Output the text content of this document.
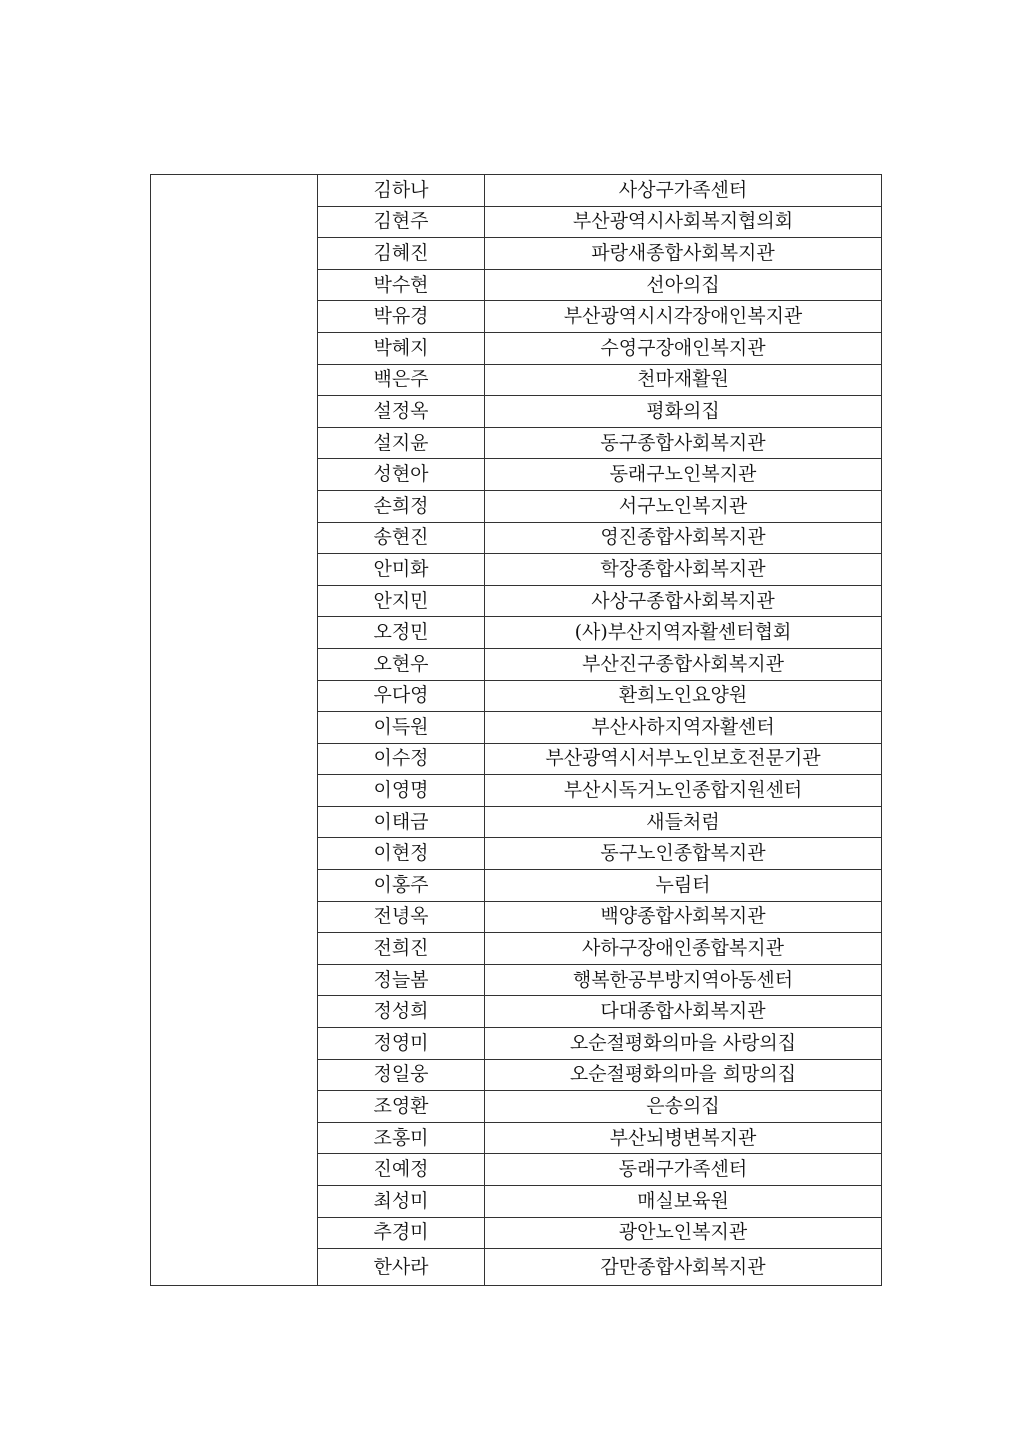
	김하나	사상구가족센터
	김현주	부산광역시사회복지협의회
	김혜진	파랑새종합사회복지관
	박수현	선아의집
	박유경	부산광역시시각장애인복지관
	박혜지	수영구장애인복지관
	백은주	천마재활원
	설정옥	평화의집
	설지윤	동구종합사회복지관
	성현아	동래구노인복지관
	손희정	서구노인복지관
	송현진	영진종합사회복지관
	안미화	학장종합사회복지관
	안지민	사상구종합사회복지관
	오정민	(사)부산지역자활센터협회
	오현우	부산진구종합사회복지관
	우다영	환희노인요양원
	이득원	부산사하지역자활센터
	이수정	부산광역시서부노인보호전문기관
	이영명	부산시독거노인종합지원센터
	이태금	새들처럼
	이현정	동구노인종합복지관
	이홍주	누림터
	전녕옥	백양종합사회복지관
	전희진	사하구장애인종합복지관
	정늘봄	행복한공부방지역아동센터
	정성희	다대종합사회복지관
	정영미	오순절평화의마을 사랑의집
	정일웅	오순절평화의마을 희망의집
	조영환	은송의집
	조홍미	부산뇌병변복지관
	진예정	동래구가족센터
	최성미	매실보육원
	추경미	광안노인복지관
	한사라	감만종합사회복지관
